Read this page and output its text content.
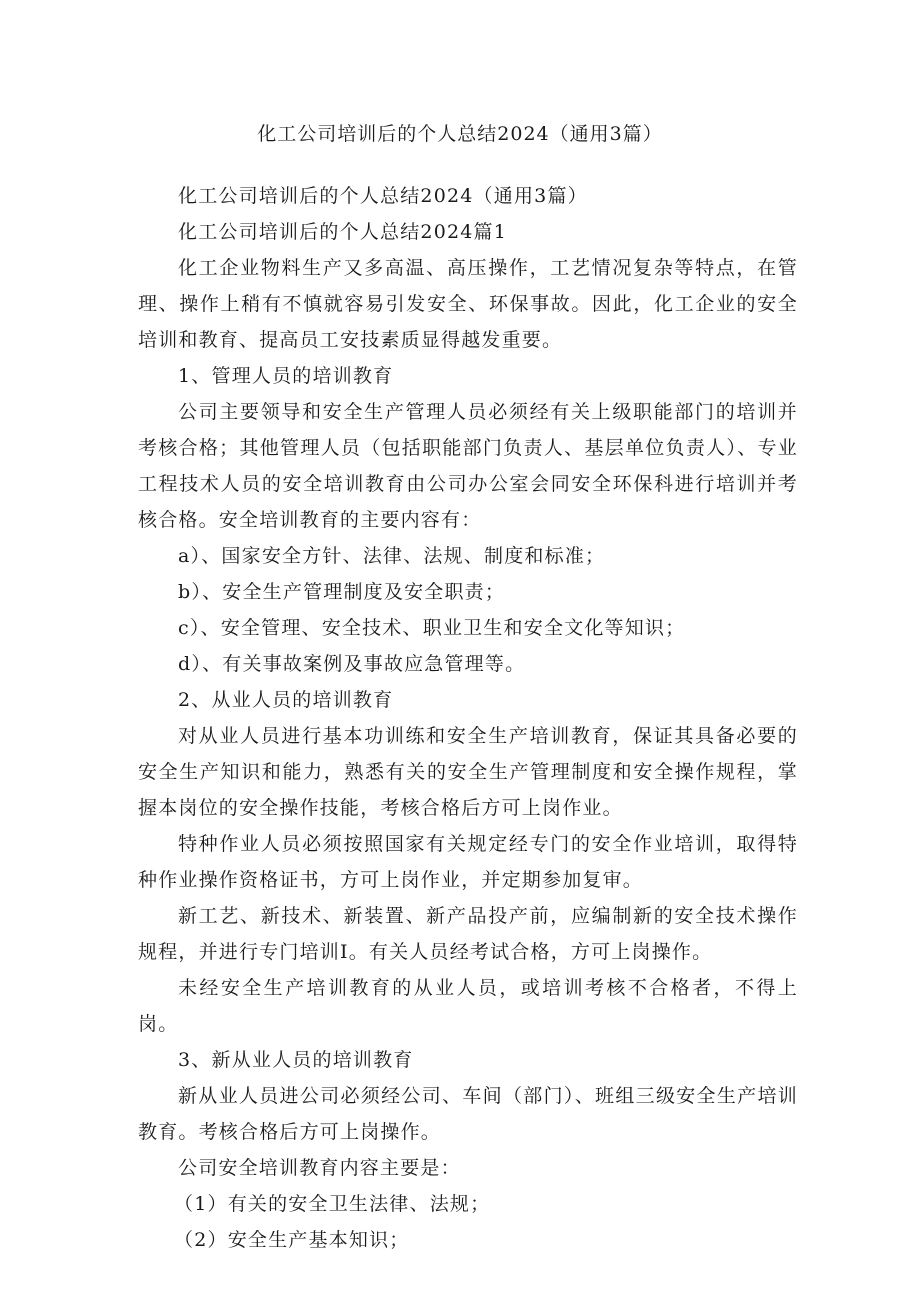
化工公司培训后的个人总结2024（通用3篇）

化工公司培训后的个人总结2024（通用3篇）

化工公司培训后的个人总结2024篇1

化工企业物料生产又多高温、高压操作，工艺情况复杂等特点，在管理、操作上稍有不慎就容易引发安全、环保事故。因此，化工企业的安全培训和教育、提高员工安技素质显得越发重要。

1、管理人员的培训教育

公司主要领导和安全生产管理人员必须经有关上级职能部门的培训并考核合格；其他管理人员（包括职能部门负责人、基层单位负责人）、专业工程技术人员的安全培训教育由公司办公室会同安全环保科进行培训并考核合格。安全培训教育的主要内容有：

a）、国家安全方针、法律、法规、制度和标准；

b）、安全生产管理制度及安全职责；

c）、安全管理、安全技术、职业卫生和安全文化等知识；

d）、有关事故案例及事故应急管理等。

2、从业人员的培训教育

对从业人员进行基本功训练和安全生产培训教育，保证其具备必要的安全生产知识和能力，熟悉有关的安全生产管理制度和安全操作规程，掌握本岗位的安全操作技能，考核合格后方可上岗作业。

特种作业人员必须按照国家有关规定经专门的安全作业培训，取得特种作业操作资格证书，方可上岗作业，并定期参加复审。

新工艺、新技术、新装置、新产品投产前，应编制新的安全技术操作规程，并进行专门培训I。有关人员经考试合格，方可上岗操作。

未经安全生产培训教育的从业人员，或培训考核不合格者，不得上岗。

3、新从业人员的培训教育

新从业人员进公司必须经公司、车间（部门）、班组三级安全生产培训教育。考核合格后方可上岗操作。

公司安全培训教育内容主要是：

（1）有关的安全卫生法律、法规；

（2）安全生产基本知识；
